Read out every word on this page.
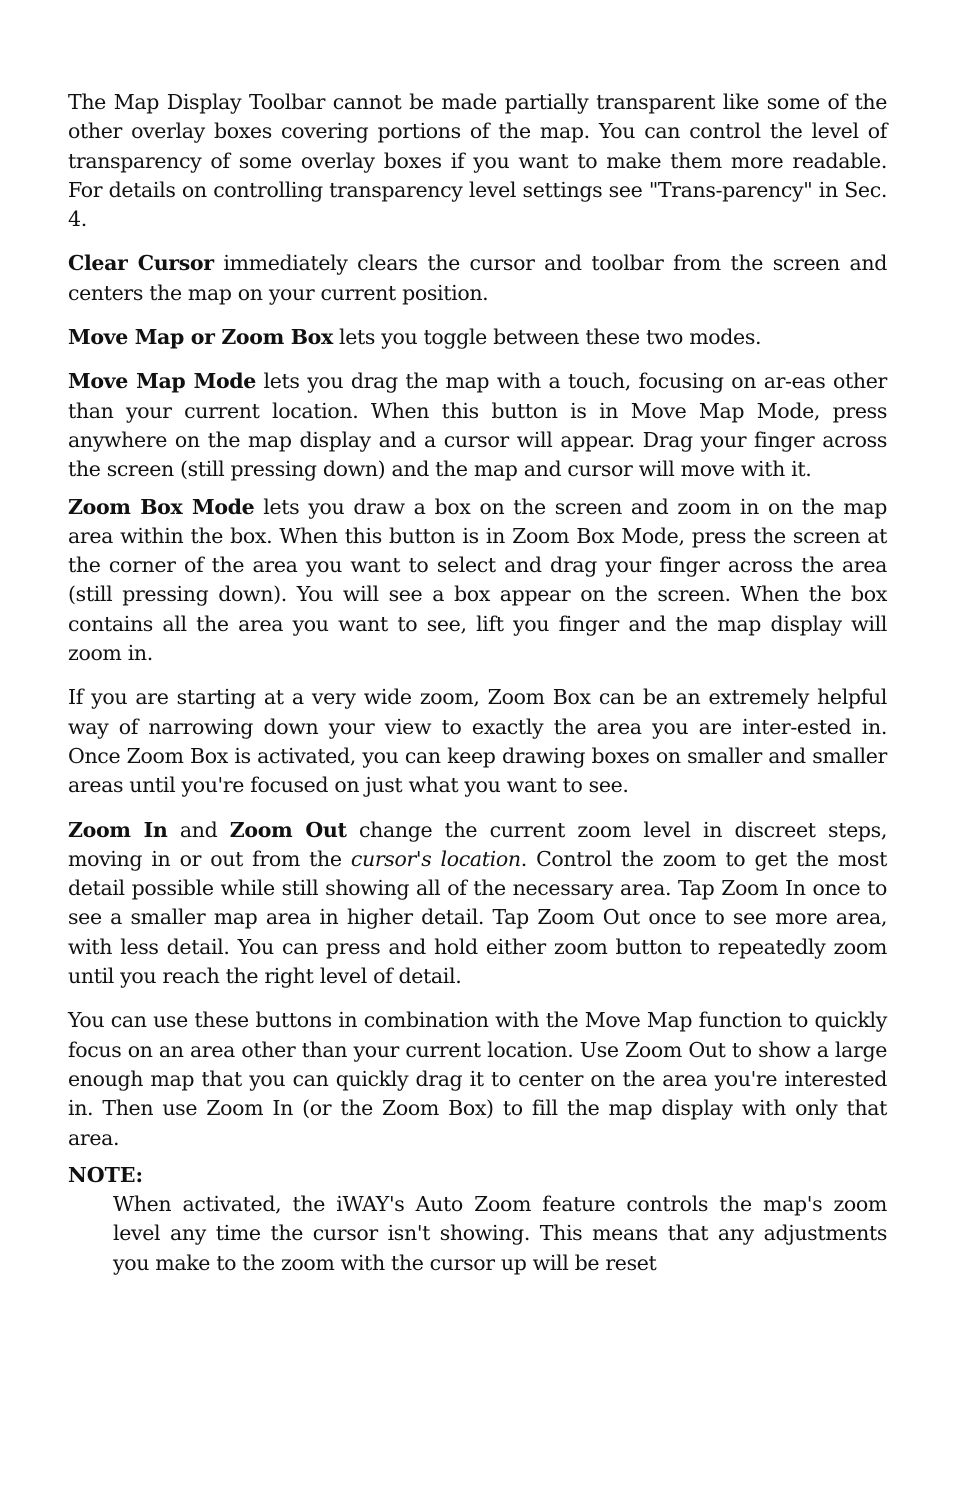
The Map Display Toolbar cannot be made partially transparent like some of the other overlay boxes covering portions of the map. You can control the level of transparency of some overlay boxes if you want to make them more readable. For details on controlling transparency level settings see "Trans-parency" in Sec. 4.

Clear Cursor immediately clears the cursor and toolbar from the screen and centers the map on your current position.

Move Map or Zoom Box lets you toggle between these two modes.

Move Map Mode lets you drag the map with a touch, focusing on ar-eas other than your current location. When this button is in Move Map Mode, press anywhere on the map display and a cursor will appear. Drag your finger across the screen (still pressing down) and the map and cursor will move with it.

Zoom Box Mode lets you draw a box on the screen and zoom in on the map area within the box. When this button is in Zoom Box Mode, press the screen at the corner of the area you want to select and drag your finger across the area (still pressing down). You will see a box appear on the screen. When the box contains all the area you want to see, lift you finger and the map display will zoom in.

If you are starting at a very wide zoom, Zoom Box can be an extremely helpful way of narrowing down your view to exactly the area you are inter-ested in. Once Zoom Box is activated, you can keep drawing boxes on smaller and smaller areas until you're focused on just what you want to see.

Zoom In and Zoom Out change the current zoom level in discreet steps, moving in or out from the cursor's location. Control the zoom to get the most detail possible while still showing all of the necessary area. Tap Zoom In once to see a smaller map area in higher detail. Tap Zoom Out once to see more area, with less detail. You can press and hold either zoom button to repeatedly zoom until you reach the right level of detail.

You can use these buttons in combination with the Move Map function to quickly focus on an area other than your current location. Use Zoom Out to show a large enough map that you can quickly drag it to center on the area you're interested in. Then use Zoom In (or the Zoom Box) to fill the map display with only that area.

NOTE:

When activated, the iWAY's Auto Zoom feature controls the map's zoom level any time the cursor isn't showing. This means that any adjustments you make to the zoom with the cursor up will be reset
